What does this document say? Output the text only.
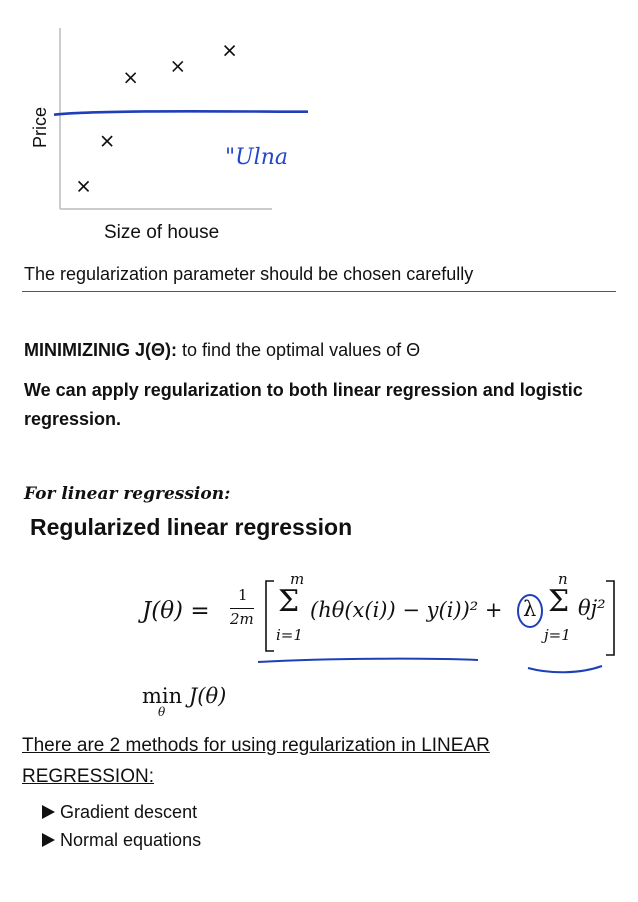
Price
Size of house
"Ulna
The regularization parameter should be chosen carefully
MINIMIZINIG J(Θ): to find the optimal values of Θ
We can apply regularization to both linear regression and logistic regression.
For linear regression:
Regularized linear regression
J(θ) =
1
2m
m
Σ
i=1
(hθ(x(i)) − y(i))² + λ
n
Σ
j=1
θj²
min
θ
J(θ)
There are 2 methods for using regularization in LINEAR REGRESSION:
Gradient descent
Normal equations
